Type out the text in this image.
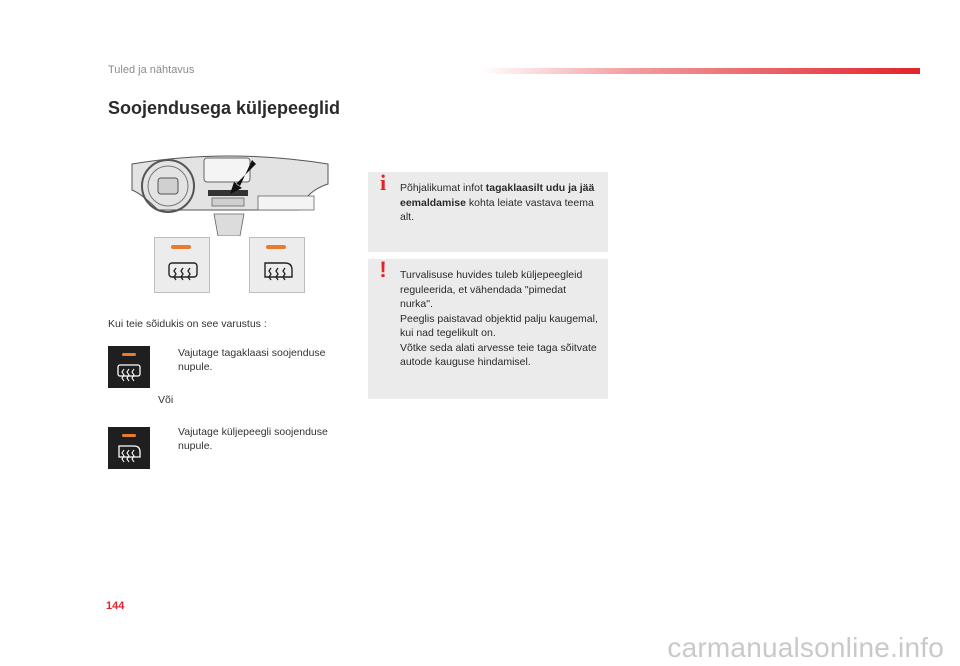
Tuled ja nähtavus
Soojendusega küljepeeglid
Kui teie sõidukis on see varustus :
Vajutage tagaklaasi soojenduse nupule.
Või
Vajutage küljepeegli soojenduse nupule.
i	Põhjalikumat infot tagaklaasilt udu ja jää eemaldamise kohta leiate vastava teema alt.

!	Turvalisuse huvides tuleb küljepeegleid reguleerida, et vähendada "pimedat nurka".

Peeglis paistavad objektid palju kaugemal, kui nad tegelikult on.

Võtke seda alati arvesse teie taga sõitvate autode kauguse hindamisel.

144
carmanualsonline.info
